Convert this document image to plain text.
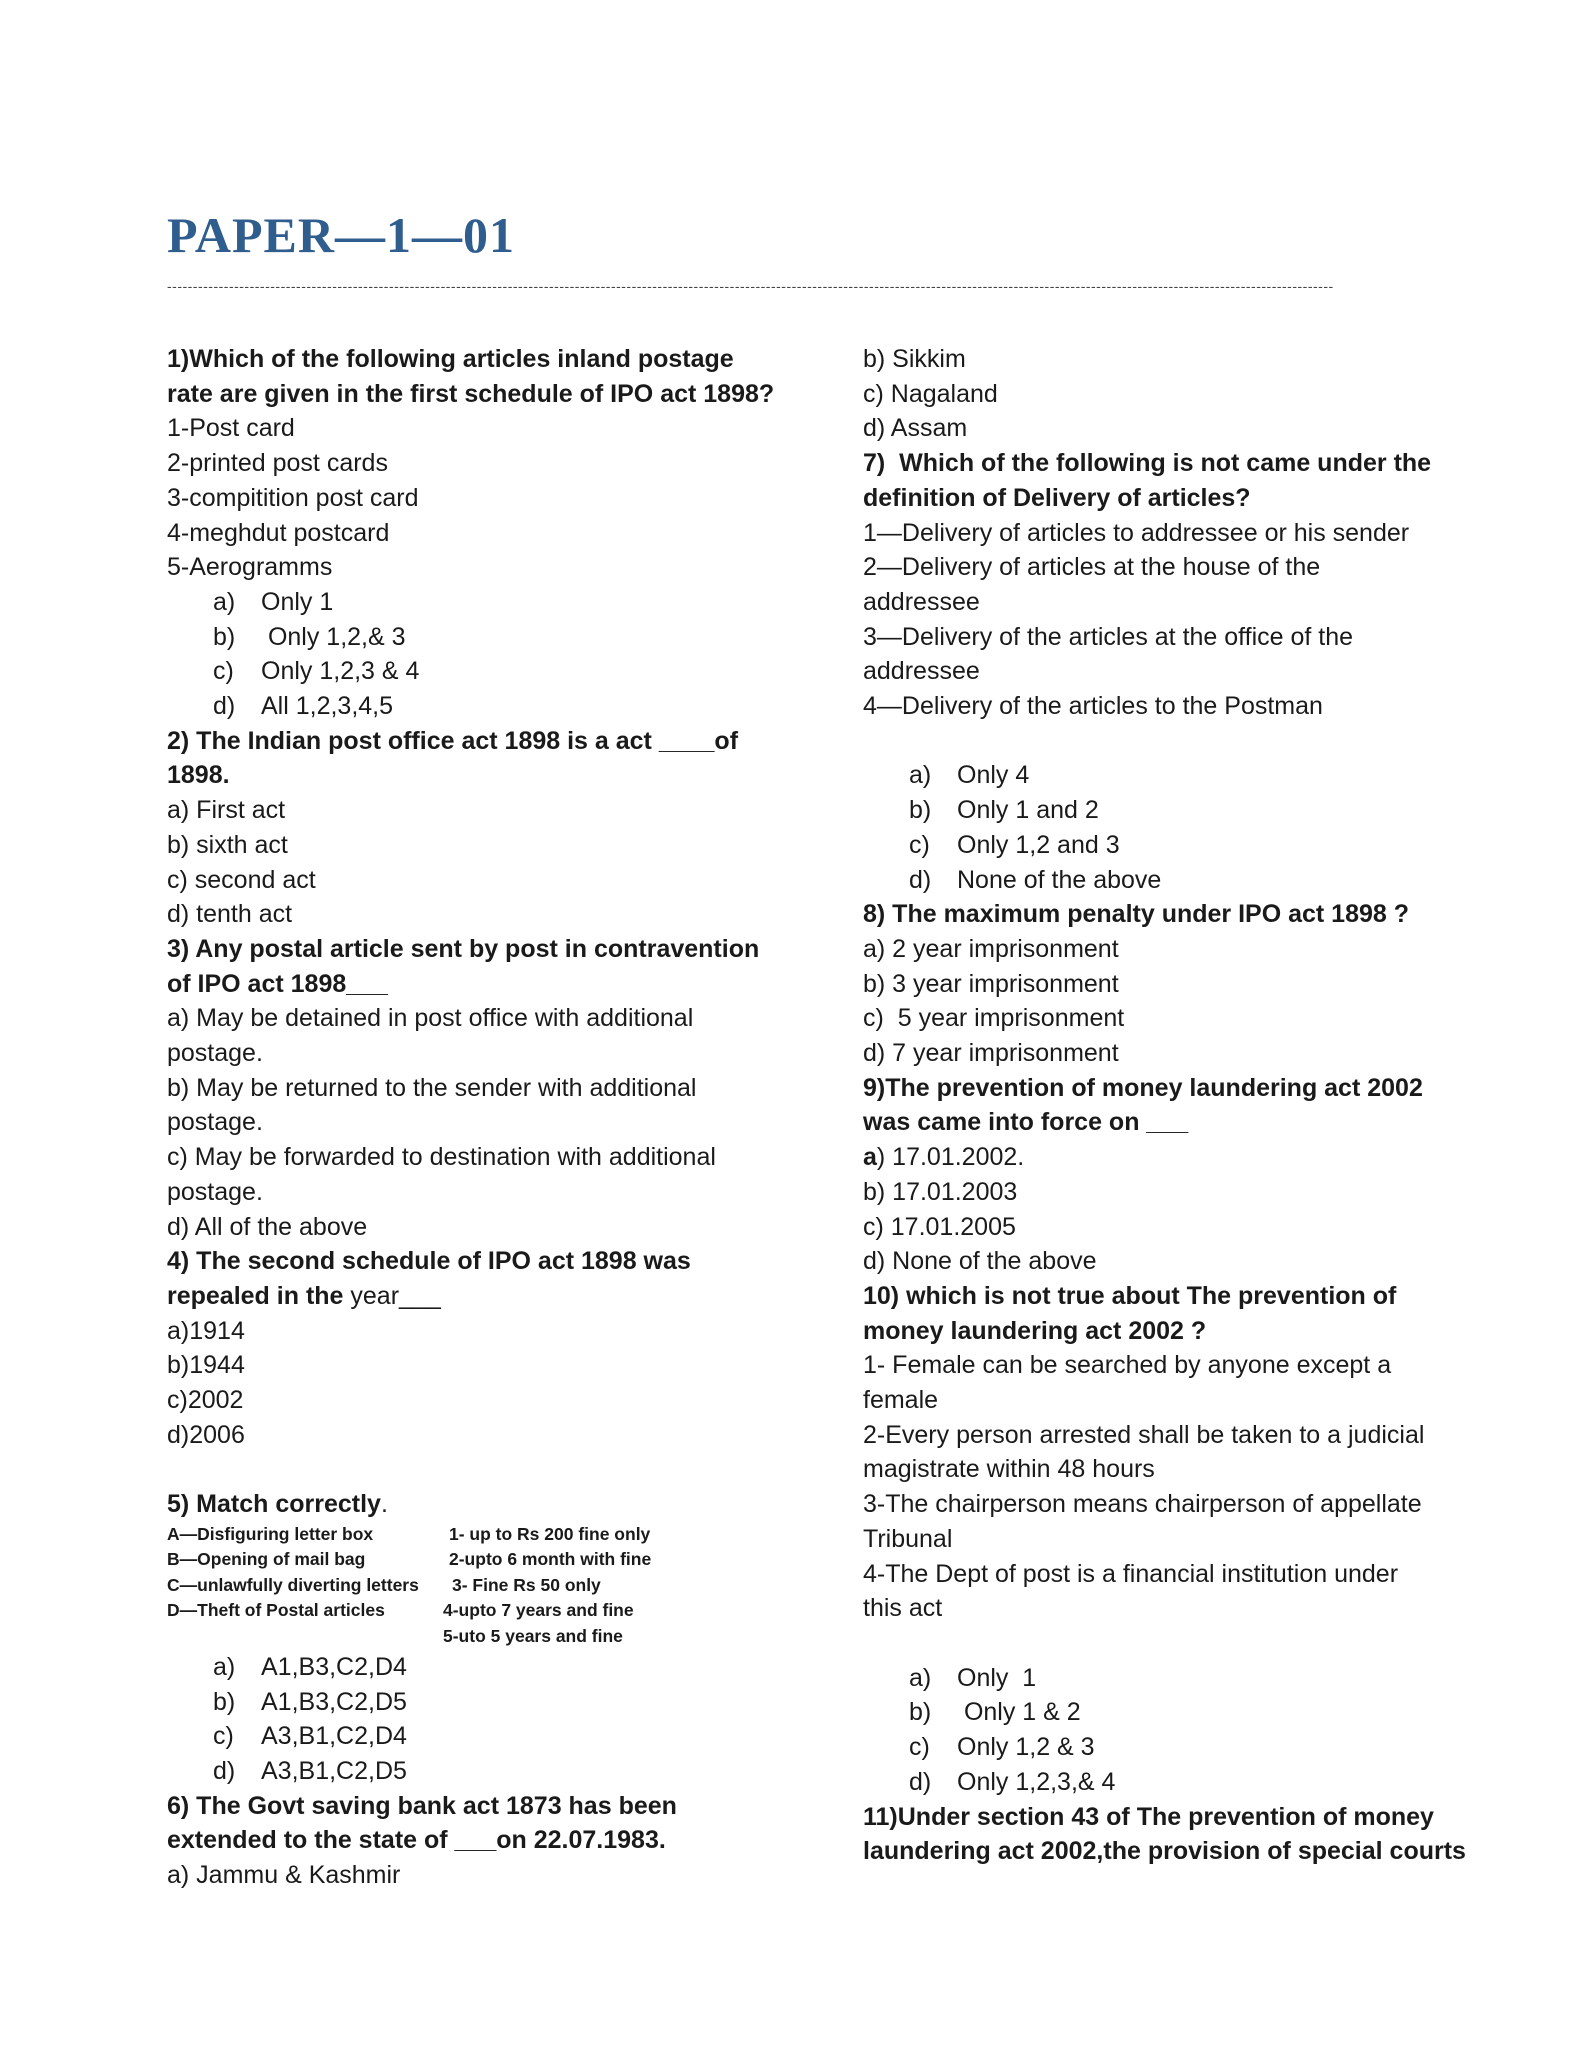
PAPER—1—01
----------------------------------------------------------------------------------------------------------------------------------------------------------------------------------------------------------------------------------
1)Which of the following articles inland postage
rate are given in the first schedule of IPO act 1898?
1-Post card
2-printed post cards
3-compitition post card
4-meghdut postcard
5-Aerogramms
a) Only 1
b) Only 1,2,& 3
c) Only 1,2,3 & 4
d) All 1,2,3,4,5
2) The Indian post office act 1898 is a act ____of
1898.
a) First act
b) sixth act
c) second act
d) tenth act
3) Any postal article sent by post in contravention
of IPO act 1898___
a) May be detained in post office with additional
postage.
b) May be returned to the sender with additional
postage.
c) May be forwarded to destination with additional
postage.
d) All of the above
4) The second schedule of IPO act 1898 was
repealed in the year___
a)1914
b)1944
c)2002
d)2006
5) Match correctly.
A—Disfiguring letter box
B—Opening of mail bag
C—unlawfully diverting letters
D—Theft of Postal articles
1- up to Rs 200 fine only
2-upto 6 month with fine
3- Fine Rs 50 only
4-upto 7 years and fine
5-uto 5 years and fine
a) A1,B3,C2,D4
b) A1,B3,C2,D5
c) A3,B1,C2,D4
d) A3,B1,C2,D5
6) The Govt saving bank act 1873 has been
extended to the state of ___on 22.07.1983.
a) Jammu & Kashmir
b) Sikkim
c) Nagaland
d) Assam
7)  Which of the following is not came under the
definition of Delivery of articles?
1—Delivery of articles to addressee or his sender
2—Delivery of articles at the house of the
addressee
3—Delivery of the articles at the office of the
addressee
4—Delivery of the articles to the Postman
a) Only 4
b) Only 1 and 2
c) Only 1,2 and 3
d) None of the above
8) The maximum penalty under IPO act 1898 ?
a) 2 year imprisonment
b) 3 year imprisonment
c)  5 year imprisonment
d) 7 year imprisonment
9)The prevention of money laundering act 2002
was came into force on ___
a) 17.01.2002.
b) 17.01.2003
c) 17.01.2005
d) None of the above
10) which is not true about The prevention of
money laundering act 2002 ?
1- Female can be searched by anyone except a
female
2-Every person arrested shall be taken to a judicial
magistrate within 48 hours
3-The chairperson means chairperson of appellate
Tribunal
4-The Dept of post is a financial institution under
this act
a) Only  1
b) Only 1 & 2
c) Only 1,2 & 3
d) Only 1,2,3,& 4
11)Under section 43 of The prevention of money
laundering act 2002,the provision of special courts
